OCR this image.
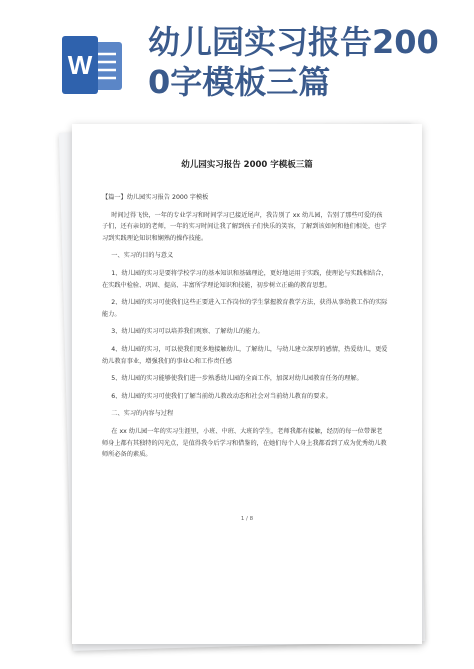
W
幼儿园实习报告2000字模板三篇
幼儿园实习报告 2000 字模板三篇

【篇一】幼儿园实习报告 2000 字模板

时间过得飞快，一年的专业学习和时间学习已接近尾声，我告别了 xx 幼儿园，告别了那些可爱的孩子们，还有亲切的老师，一年的实习时间让我了解到孩子们快乐的笑容，了解到该如何和他们相处，也学习到实践理论知识和娴熟的操作技能。

一、实习的目的与意义

1、幼儿园的实习是要将学校学习的基本知识和基础理论，更好地运用于实践，使理论与实践相结合，在实践中检验、巩固、提高、丰富所学理论知识和技能，初步树立正确的教育思想。

2、幼儿园的实习可使我们这些正要进入工作岗位的学生掌握教育教学方法，获得从事幼教工作的实际能力。

3、幼儿园的实习可以培养我们观察、了解幼儿的能力。

4、幼儿园的实习，可以使我们更多地接触幼儿，了解幼儿，与幼儿建立深厚的感情，热爱幼儿，更爱幼儿教育事业，增强我们的事业心和工作责任感

5、幼儿园的实习能够使我们进一步熟悉幼儿园的全面工作，加深对幼儿园教育任务的理解。

6、幼儿园的实习可使我们了解当前幼儿教改动态和社会对当前幼儿教育的要求。

二、实习的内容与过程

在 xx 幼儿园一年的实习生涯里，小班、中班、大班的学生，老师我都有接触，经历的每一位带课老师身上都有其独特的闪光点，是值得我今后学习和借鉴的，在她们每个人身上我都看到了成为优秀幼儿教师所必备的素质。

1 / 8
